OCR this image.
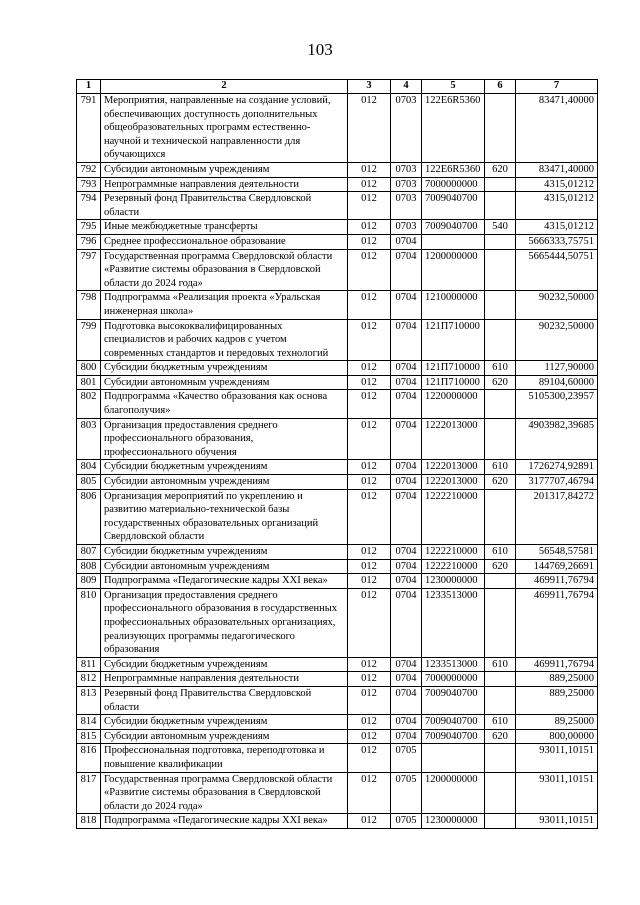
103
1	2	3	4	5	6	7
791	Мероприятия, направленные на создание условий, обеспечивающих доступность дополнительных общеобразовательных программ естественно-научной и технической направленности для обучающихся	012	0703	122Е6R5360		83471,40000
792	Субсидии автономным учреждениям	012	0703	122Е6R5360	620	83471,40000
793	Непрограммные направления деятельности	012	0703	7000000000		4315,01212
794	Резервный фонд Правительства Свердловской области	012	0703	7009040700		4315,01212
795	Иные межбюджетные трансферты	012	0703	7009040700	540	4315,01212
796	Среднее профессиональное образование	012	0704			5666333,75751
797	Государственная программа Свердловской области «Развитие системы образования в Свердловской области до 2024 года»	012	0704	1200000000		5665444,50751
798	Подпрограмма «Реализация проекта «Уральская инженерная школа»	012	0704	1210000000		90232,50000
799	Подготовка высококвалифицированных специалистов и рабочих кадров с учетом современных стандартов и передовых технологий	012	0704	121П710000		90232,50000
800	Субсидии бюджетным учреждениям	012	0704	121П710000	610	1127,90000
801	Субсидии автономным учреждениям	012	0704	121П710000	620	89104,60000
802	Подпрограмма «Качество образования как основа благополучия»	012	0704	1220000000		5105300,23957
803	Организация предоставления среднего профессионального образования, профессионального обучения	012	0704	1222013000		4903982,39685
804	Субсидии бюджетным учреждениям	012	0704	1222013000	610	1726274,92891
805	Субсидии автономным учреждениям	012	0704	1222013000	620	3177707,46794
806	Организация мероприятий по укреплению и развитию материально-технической базы государственных образовательных организаций Свердловской области	012	0704	1222210000		201317,84272
807	Субсидии бюджетным учреждениям	012	0704	1222210000	610	56548,57581
808	Субсидии автономным учреждениям	012	0704	1222210000	620	144769,26691
809	Подпрограмма «Педагогические кадры XXI века»	012	0704	1230000000		469911,76794
810	Организация предоставления среднего профессионального образования в государственных профессиональных образовательных организациях, реализующих программы педагогического образования	012	0704	1233513000		469911,76794
811	Субсидии бюджетным учреждениям	012	0704	1233513000	610	469911,76794
812	Непрограммные направления деятельности	012	0704	7000000000		889,25000
813	Резервный фонд Правительства Свердловской области	012	0704	7009040700		889,25000
814	Субсидии бюджетным учреждениям	012	0704	7009040700	610	89,25000
815	Субсидии автономным учреждениям	012	0704	7009040700	620	800,00000
816	Профессиональная подготовка, переподготовка и повышение квалификации	012	0705			93011,10151
817	Государственная программа Свердловской области «Развитие системы образования в Свердловской области до 2024 года»	012	0705	1200000000		93011,10151
818	Подпрограмма «Педагогические кадры XXI века»	012	0705	1230000000		93011,10151
